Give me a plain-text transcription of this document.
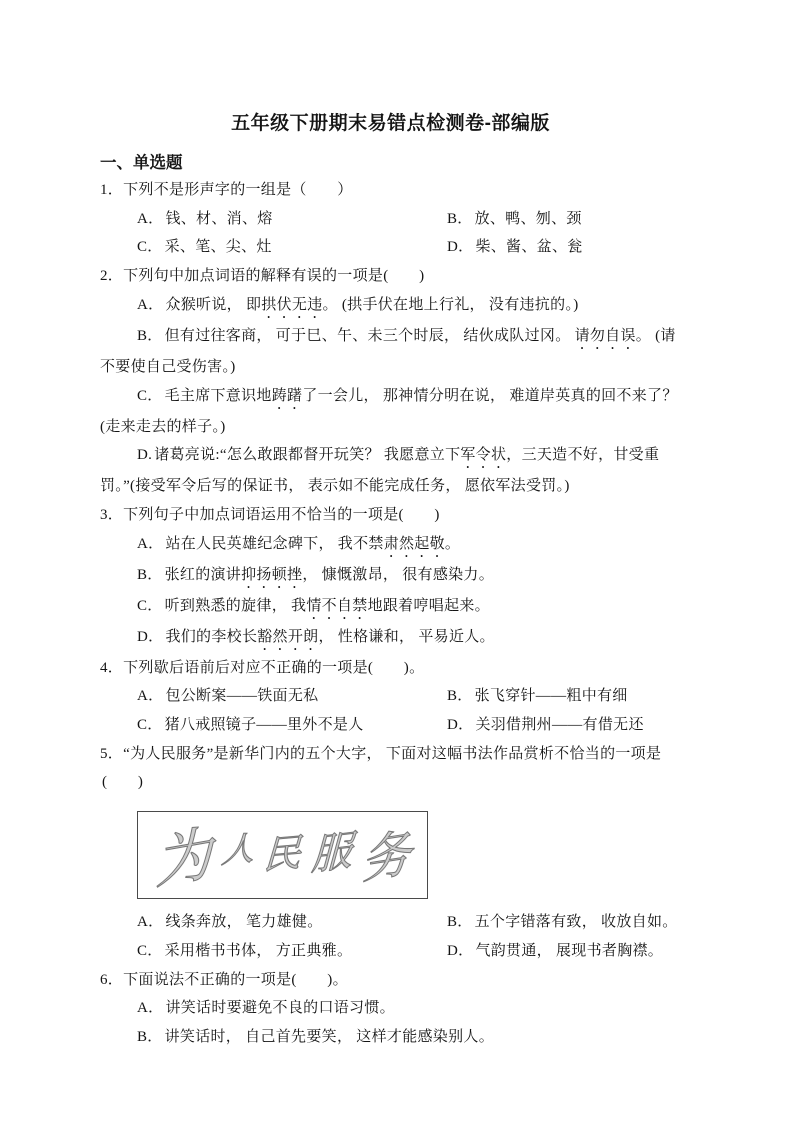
五年级下册期末易错点检测卷-部编版
一、单选题

1．下列不是形声字的一组是（　　）

A． 钱、材、消、熔	B． 放、鸭、刎、颈

C． 采、笔、尖、灶	D． 柴、酱、盆、瓮

2．下列句中加点词语的解释有误的一项是(　　)

A． 众猴听说， 即拱伏无违。 (拱手伏在地上行礼， 没有违抗的。)

B． 但有过往客商， 可于巳、午、未三个时辰， 结伙成队过冈。 请勿自误。 (请不要使自己受伤害。)

C． 毛主席下意识地踌躇了一会儿， 那神情分明在说， 难道岸英真的回不来了？ (走来走去的样子。)

D. 诸葛亮说:“怎么敢跟都督开玩笑？ 我愿意立下军令状，三天造不好，甘受重罚。”(接受军令后写的保证书， 表示如不能完成任务， 愿依军法受罚。)

3．下列句子中加点词语运用不恰当的一项是(　　)

A． 站在人民英雄纪念碑下， 我不禁肃然起敬。

B． 张红的演讲抑扬顿挫， 慷慨激昂， 很有感染力。

C． 听到熟悉的旋律， 我情不自禁地跟着哼唱起来。

D． 我们的李校长豁然开朗， 性格谦和， 平易近人。

4．下列歇后语前后对应不正确的一项是(　　)。

A． 包公断案——铁面无私	B． 张飞穿针——粗中有细

C． 猪八戒照镜子——里外不是人	D． 关羽借荆州——有借无还

5．“为人民服务”是新华门内的五个大字， 下面对这幅书法作品赏析不恰当的一项是

(　　)

为 人 民 服 务

A． 线条奔放， 笔力雄健。	B． 五个字错落有致， 收放自如。

C． 采用楷书书体， 方正典雅。	D． 气韵贯通， 展现书者胸襟。

6．下面说法不正确的一项是(　　)。

A． 讲笑话时要避免不良的口语习惯。

B． 讲笑话时， 自己首先要笑， 这样才能感染别人。
